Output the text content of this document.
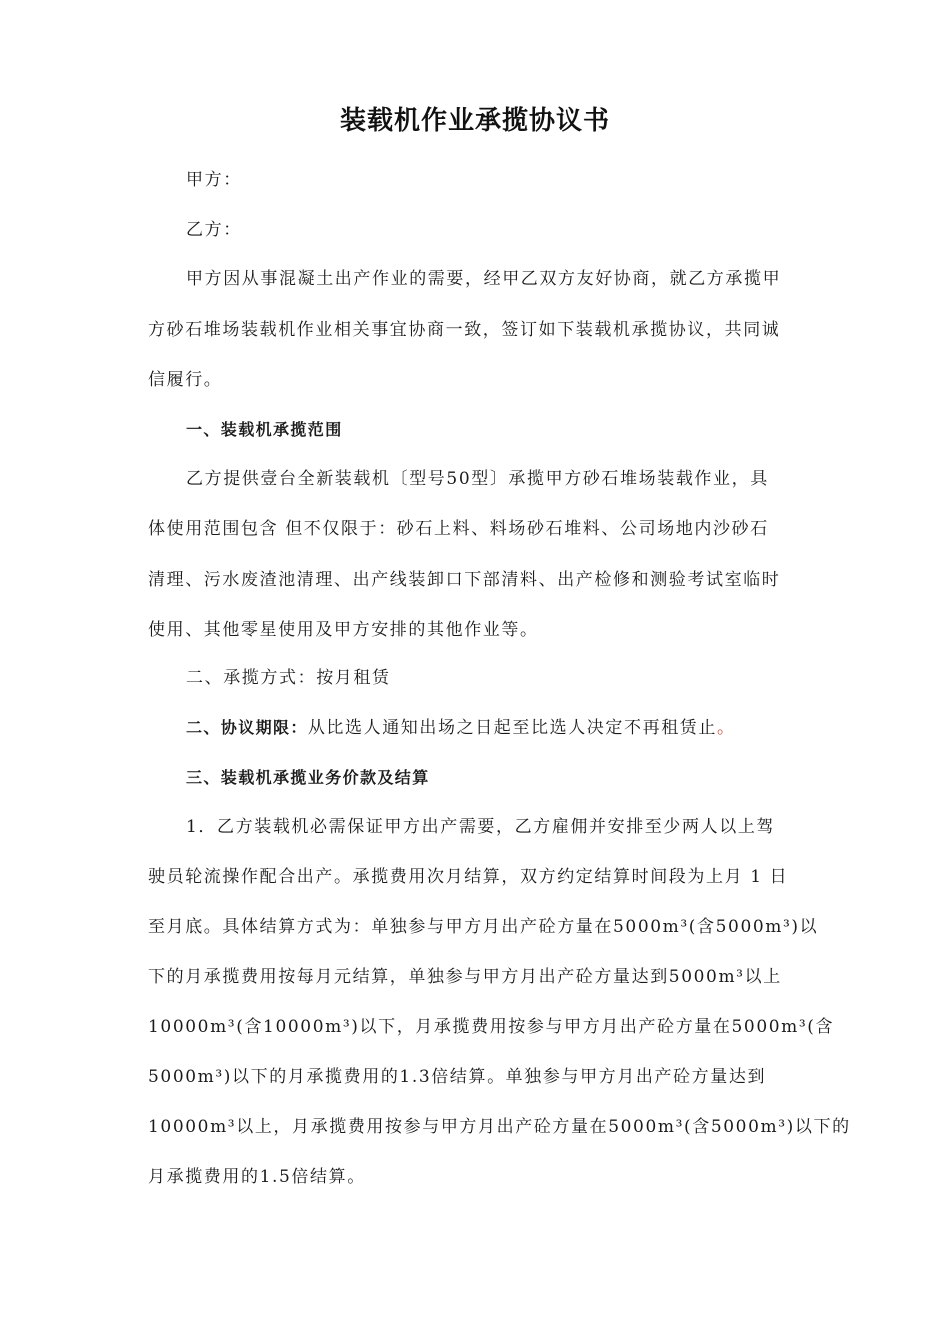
装载机作业承揽协议书
甲方：
乙方：
甲方因从事混凝土出产作业的需要，经甲乙双方友好协商，就乙方承揽甲
方砂石堆场装载机作业相关事宜协商一致，签订如下装载机承揽协议，共同诚
信履行。
一、装载机承揽范围
乙方提供壹台全新装载机〔型号50型〕承揽甲方砂石堆场装载作业，具
体使用范围包含 但不仅限于：砂石上料、料场砂石堆料、公司场地内沙砂石
清理、污水废渣池清理、出产线装卸口下部清料、出产检修和测验考试室临时
使用、其他零星使用及甲方安排的其他作业等。
二、承揽方式：按月租赁
二、协议期限：从比选人通知出场之日起至比选人决定不再租赁止。
三、装载机承揽业务价款及结算
1．乙方装载机必需保证甲方出产需要，乙方雇佣并安排至少两人以上驾
驶员轮流操作配合出产。承揽费用次月结算，双方约定结算时间段为上月 1 日
至月底。具体结算方式为：单独参与甲方月出产砼方量在5000m³(含5000m³)以
下的月承揽费用按每月元结算，单独参与甲方月出产砼方量达到5000m³以上
10000m³(含10000m³)以下，月承揽费用按参与甲方月出产砼方量在5000m³(含
5000m³)以下的月承揽费用的1.3倍结算。单独参与甲方月出产砼方量达到
10000m³以上，月承揽费用按参与甲方月出产砼方量在5000m³(含5000m³)以下的
月承揽费用的1.5倍结算。
